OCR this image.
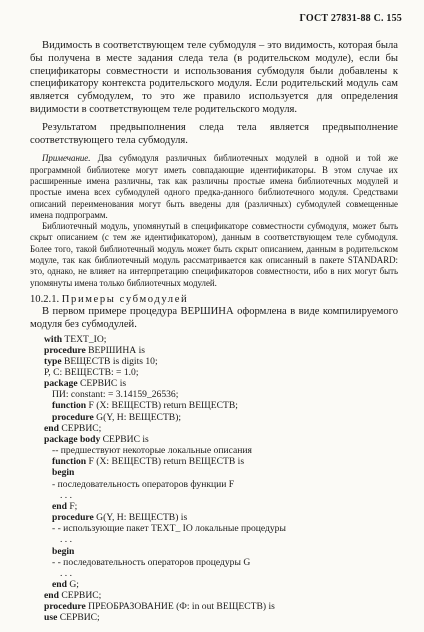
ГОСТ 27831-88 С. 155

Видимость в соответствующем теле субмодуля – это видимость, которая была бы получена в месте задания следа тела (в родительском модуле), если бы спецификаторы совместности и использования субмодуля были добавлены к спецификатору контекста родительского модуля. Если родительский модуль сам является субмодулем, то это же правило используется для определения видимости в соответствующем теле родительского модуля.

Результатом предвыполнения следа тела является предвыполнение соответствующего тела субмодуля.

Примечание. Два субмодуля различных библиотечных модулей в одной и той же программной библиотеке могут иметь совпадающие идентификаторы. В этом случае их расширенные имена различны, так как различны простые имена библиотечных модулей и простые имена всех субмодулей одного предка-данного библиотечного модуля. Средствами описаний переименования могут быть введены для (различных) субмодулей совмещенные имена подпрограмм.

Библиотечный модуль, упомянутый в спецификаторе совместности субмодуля, может быть скрыт описанием (с тем же идентификатором), данным в соответствующем теле субмодуля. Более того, такой библиотечный модуль может быть скрыт описанием, данным в родительском модуле, так как библиотечный модуль рассматривается как описанный в пакете STANDARD: это, однако, не влияет на интерпретацию спецификаторов совместности, ибо в них могут быть упомянуты имена только библиотечных модулей.

10.2.1. Примеры субмодулей

В первом примере процедура ВЕРШИНА оформлена в виде компилируемого модуля без субмодулей.

with TEXT_IO;
procedure ВЕРШИНА is
type ВЕЩЕСТВ is digits 10;
P, C: ВЕЩЕСТВ: = 1.0;
package СЕРВИС is
ПИ: constant: = 3.14159_26536;
function F (X: ВЕЩЕСТВ) return ВЕЩЕСТВ;
procedure G(Y, H: ВЕЩЕСТВ);
end СЕРВИС;
package body СЕРВИС is
-- предшествуют некоторые локальные описания
function F (X: ВЕЩЕСТВ) return ВЕЩЕСТВ is
begin
- последовательность операторов функции F
. . .
end F;
procedure G(Y, H: ВЕЩЕСТВ) is
- - использующие пакет TEXT_ IO локальные процедуры
. . .
begin
- - последовательность операторов процедуры G
. . .
end G;
end СЕРВИС;
procedure ПРЕОБРАЗОВАНИЕ (Ф: in out ВЕЩЕСТВ) is
use СЕРВИС;
